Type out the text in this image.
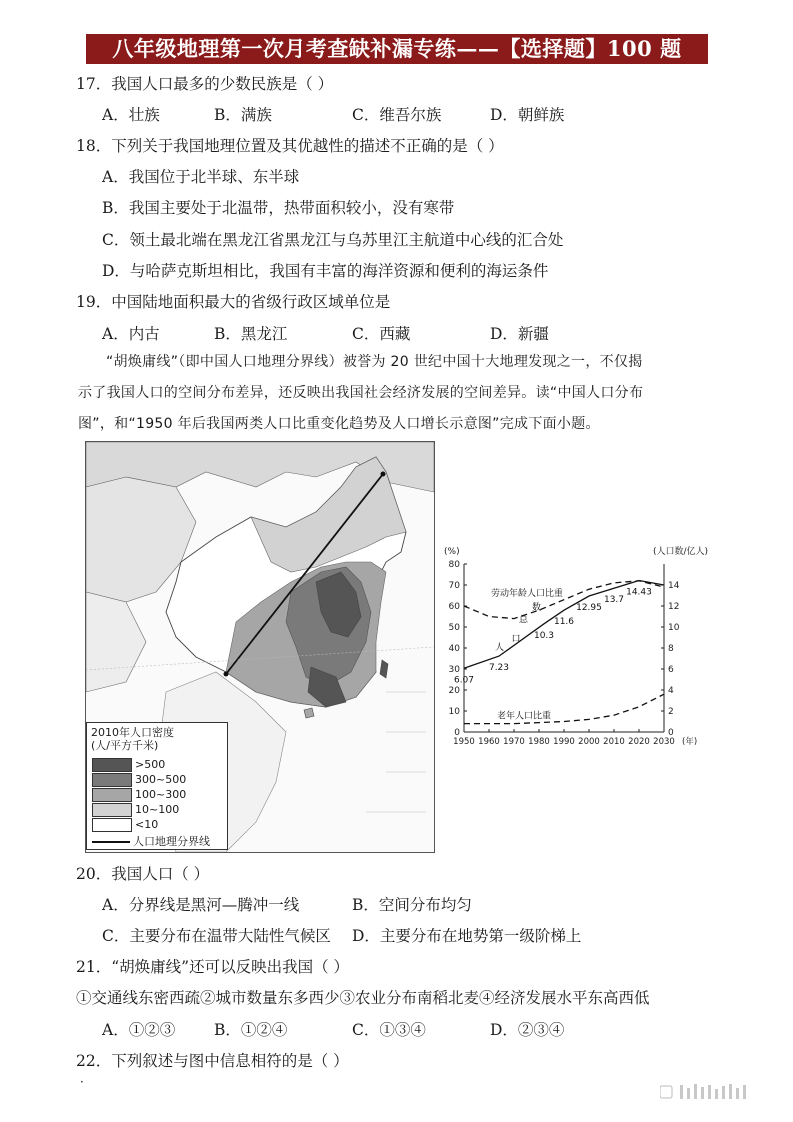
八年级地理第一次月考查缺补漏专练——【选择题】100 题
17．我国人口最多的少数民族是（ ）
A．壮族	B．满族	C．维吾尔族	D．朝鲜族
18．下列关于我国地理位置及其优越性的描述不正确的是（ ）
A．我国位于北半球、东半球
B．我国主要处于北温带，热带面积较小，没有寒带
C．领土最北端在黑龙江省黑龙江与乌苏里江主航道中心线的汇合处
D．与哈萨克斯坦相比，我国有丰富的海洋资源和便利的海运条件
19．中国陆地面积最大的省级行政区域单位是
A．内古	B．黑龙江	C．西藏	D．新疆

“胡焕庸线”（即中国人口地理分界线）被誉为 20 世纪中国十大地理发现之一，不仅揭

示了我国人口的空间分布差异，还反映出我国社会经济发展的空间差异。读“中国人口分布

图”，和“1950 年后我国两类人口比重变化趋势及人口增长示意图”完成下面小题。

2010年人口密度
(人/平方千米)
>500
300~500
100~300
10~100
<10
人口地理分界线
0
10
20
30
40
50
60
70
80
0
2
4
6
8
10
12
14
1950 1960 1970 1980 1990 2000 2010 2020 2030 (年)
(%)	(人口数/亿人)
6.07
7.23
10.3
11.6
12.95
13.7
14.43
劳动年龄人口比重
人
口
总
数
老年人口比重
20．我国人口（ ）
A．分界线是黑河—腾冲一线	B．空间分布均匀
C．主要分布在温带大陆性气候区 D．主要分布在地势第一级阶梯上
21．“胡焕庸线”还可以反映出我国（ ）
①交通线东密西疏②城市数量东多西少③农业分布南稻北麦④经济发展水平东高西低
A．①②③	B．①②④	C．①③④	D．②③④
22．下列叙述与图中信息相符的是（ ）
·
